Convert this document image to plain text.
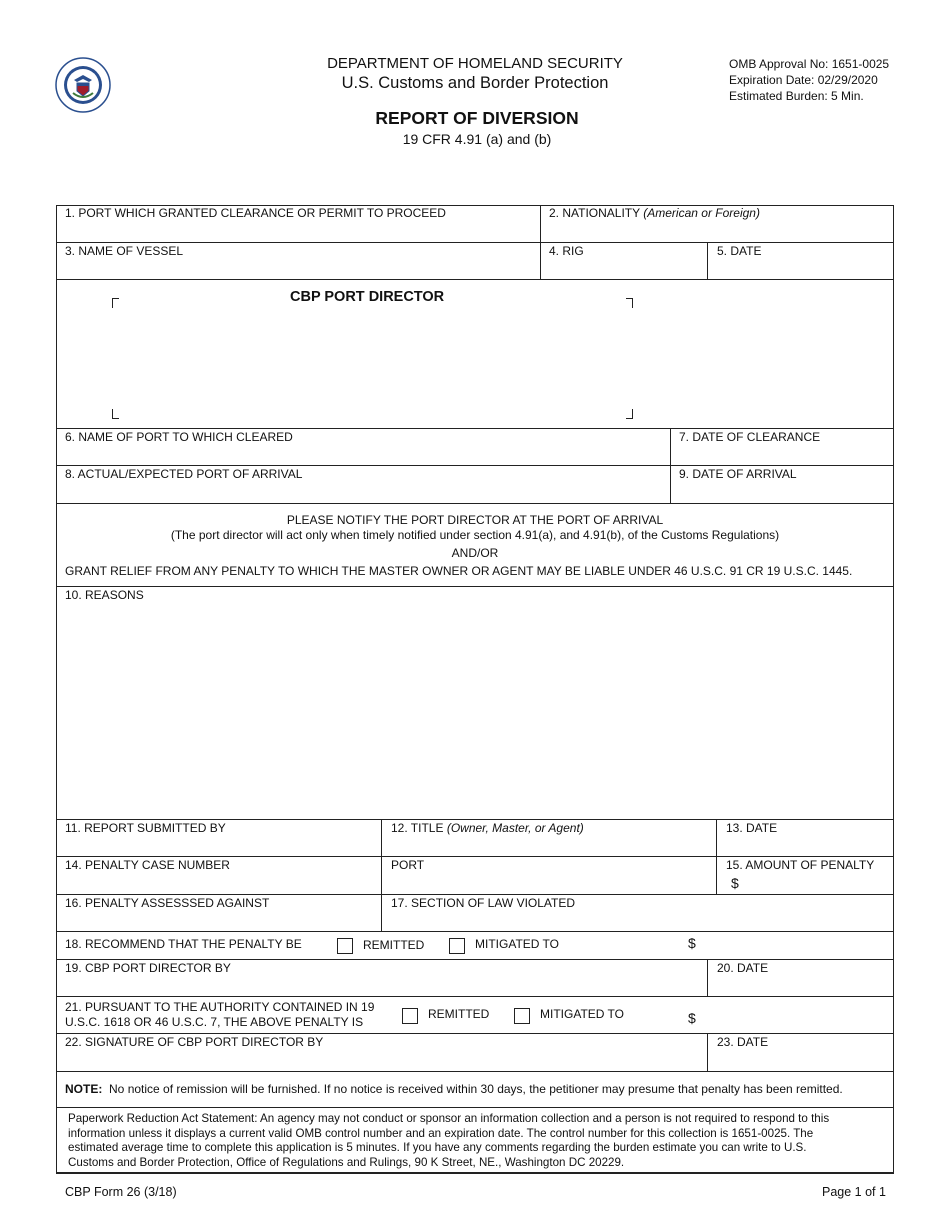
DEPARTMENT OF HOMELAND SECURITY
U.S. Customs and Border Protection
OMB Approval No: 1651-0025
Expiration Date: 02/29/2020
Estimated Burden: 5 Min.
REPORT OF DIVERSION
19 CFR 4.91 (a) and (b)
1. PORT WHICH GRANTED CLEARANCE OR PERMIT TO PROCEED	2. NATIONALITY (American or Foreign)
3. NAME OF VESSEL	4. RIG	5. DATE
CBP PORT DIRECTOR
6. NAME OF PORT TO WHICH CLEARED	7. DATE OF CLEARANCE
8. ACTUAL/EXPECTED PORT OF ARRIVAL	9. DATE OF ARRIVAL
PLEASE NOTIFY THE PORT DIRECTOR AT THE PORT OF ARRIVAL
(The port director will act only when timely notified under section 4.91(a), and 4.91(b), of the Customs Regulations)
AND/OR
GRANT RELIEF FROM ANY PENALTY TO WHICH THE MASTER OWNER OR AGENT MAY BE LIABLE UNDER 46 U.S.C. 91 CR 19 U.S.C. 1445.
10. REASONS
11. REPORT SUBMITTED BY	12. TITLE (Owner, Master, or Agent)	13. DATE
14. PENALTY CASE NUMBER	PORT	15. AMOUNT OF PENALTY
$
16. PENALTY ASSESSSED AGAINST	17. SECTION OF LAW VIOLATED
18. RECOMMEND THAT THE PENALTY BE	REMITTED	MITIGATED TO	$
19. CBP PORT DIRECTOR BY	20. DATE
21. PURSUANT TO THE AUTHORITY CONTAINED IN 19
U.S.C. 1618 OR 46 U.S.C. 7, THE ABOVE PENALTY IS
REMITTED	MITIGATED TO	$
22. SIGNATURE OF CBP PORT DIRECTOR BY	23. DATE
NOTE: No notice of remission will be furnished. If no notice is received within 30 days, the petitioner may presume that penalty has been remitted.
Paperwork Reduction Act Statement: An agency may not conduct or sponsor an information collection and a person is not required to respond to this
information unless it displays a current valid OMB control number and an expiration date. The control number for this collection is 1651-0025. The
estimated average time to complete this application is 5 minutes. If you have any comments regarding the burden estimate you can write to U.S.
Customs and Border Protection, Office of Regulations and Rulings, 90 K Street, NE., Washington DC 20229.
CBP Form 26 (3/18)	Page 1 of 1
